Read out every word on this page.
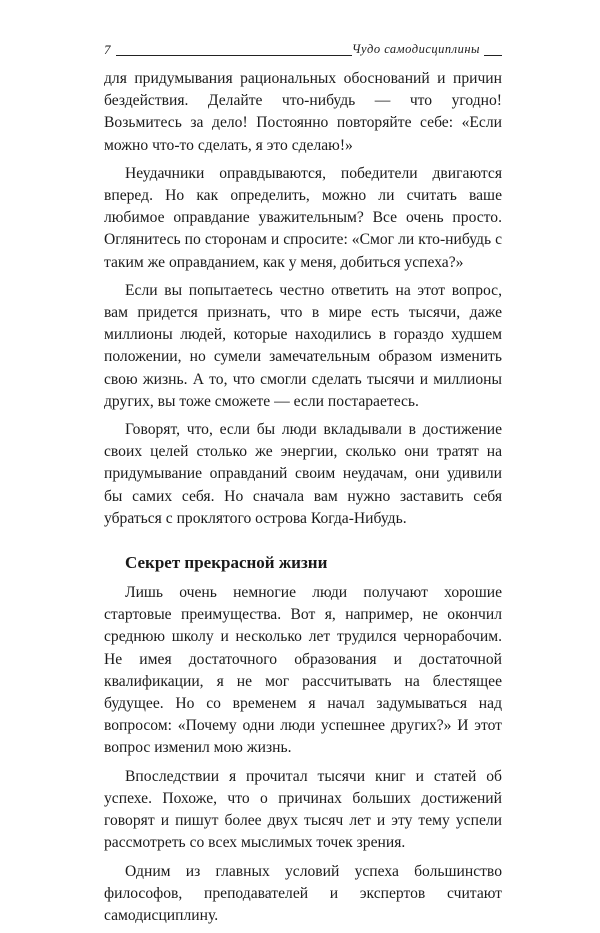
7	Чудо самодисциплины

для придумывания рациональных обоснований и причин бездействия. Делайте что-нибудь — что угодно! Возьмитесь за дело! Постоянно повторяйте себе: «Если можно что-то сделать, я это сделаю!»

Неудачники оправдываются, победители двигаются вперед. Но как определить, можно ли считать ваше любимое оправдание уважительным? Все очень просто. Оглянитесь по сторонам и спросите: «Смог ли кто-нибудь с таким же оправданием, как у меня, добиться успеха?»

Если вы попытаетесь честно ответить на этот вопрос, вам придется признать, что в мире есть тысячи, даже миллионы людей, которые находились в гораздо худшем положении, но сумели замечательным образом изменить свою жизнь. А то, что смогли сделать тысячи и миллионы других, вы тоже сможете — если постараетесь.

Говорят, что, если бы люди вкладывали в достижение своих целей столько же энергии, сколько они тратят на придумывание оправданий своим неудачам, они удивили бы самих себя. Но сначала вам нужно заставить себя убраться с проклятого острова Когда-Нибудь.

Секрет прекрасной жизни

Лишь очень немногие люди получают хорошие стартовые преимущества. Вот я, например, не окончил среднюю школу и несколько лет трудился чернорабочим. Не имея достаточного образования и достаточной квалификации, я не мог рассчитывать на блестящее будущее. Но со временем я начал задумываться над вопросом: «Почему одни люди успешнее других?» И этот вопрос изменил мою жизнь.

Впоследствии я прочитал тысячи книг и статей об успехе. Похоже, что о причинах больших достижений говорят и пишут более двух тысяч лет и эту тему успели рассмотреть со всех мыслимых точек зрения.

Одним из главных условий успеха большинство философов, преподавателей и экспертов считают самодисциплину.
